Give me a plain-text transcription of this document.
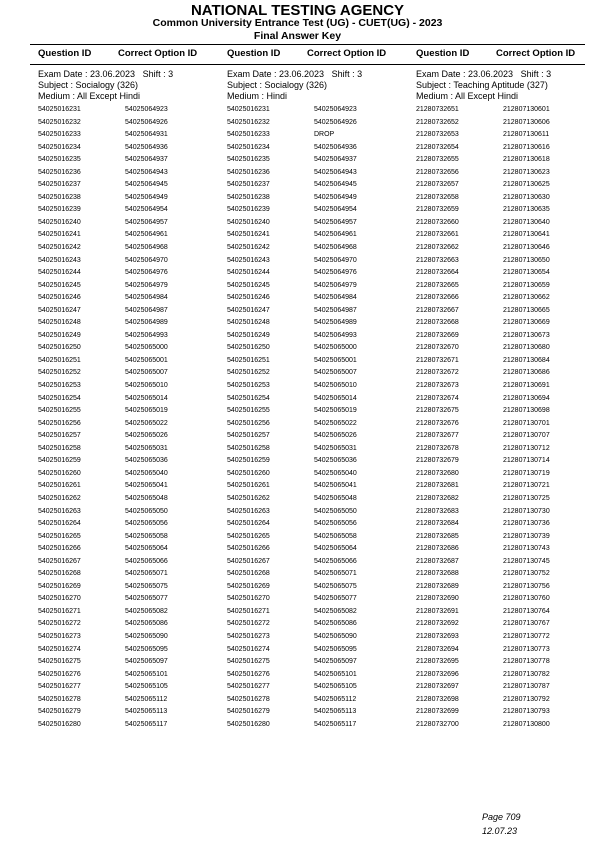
NATIONAL TESTING AGENCY
Common University Entrance Test (UG) - CUET(UG) - 2023
Final Answer Key
Question ID	Correct Option ID	Question ID	Correct Option ID	Question ID	Correct Option ID
Exam Date : 23.06.2023 Shift : 3
Subject : Socialogy (326)
Medium : All Except Hindi
54025016231	54025064923
54025016232	54025064926
54025016233	54025064931
54025016234	54025064936
54025016235	54025064937
54025016236	54025064943
54025016237	54025064945
54025016238	54025064949
54025016239	54025064954
54025016240	54025064957
54025016241	54025064961
54025016242	54025064968
54025016243	54025064970
54025016244	54025064976
54025016245	54025064979
54025016246	54025064984
54025016247	54025064987
54025016248	54025064989
54025016249	54025064993
54025016250	54025065000
54025016251	54025065001
54025016252	54025065007
54025016253	54025065010
54025016254	54025065014
54025016255	54025065019
54025016256	54025065022
54025016257	54025065026
54025016258	54025065031
54025016259	54025065036
54025016260	54025065040
54025016261	54025065041
54025016262	54025065048
54025016263	54025065050
54025016264	54025065056
54025016265	54025065058
54025016266	54025065064
54025016267	54025065066
54025016268	54025065071
54025016269	54025065075
54025016270	54025065077
54025016271	54025065082
54025016272	54025065086
54025016273	54025065090
54025016274	54025065095
54025016275	54025065097
54025016276	54025065101
54025016277	54025065105
54025016278	54025065112
54025016279	54025065113
54025016280	54025065117
Exam Date : 23.06.2023 Shift : 3
Subject : Socialogy (326)
Medium : Hindi
54025016231	54025064923
54025016232	54025064926
54025016233	DROP
54025016234	54025064936
54025016235	54025064937
54025016236	54025064943
54025016237	54025064945
54025016238	54025064949
54025016239	54025064954
54025016240	54025064957
54025016241	54025064961
54025016242	54025064968
54025016243	54025064970
54025016244	54025064976
54025016245	54025064979
54025016246	54025064984
54025016247	54025064987
54025016248	54025064989
54025016249	54025064993
54025016250	54025065000
54025016251	54025065001
54025016252	54025065007
54025016253	54025065010
54025016254	54025065014
54025016255	54025065019
54025016256	54025065022
54025016257	54025065026
54025016258	54025065031
54025016259	54025065036
54025016260	54025065040
54025016261	54025065041
54025016262	54025065048
54025016263	54025065050
54025016264	54025065056
54025016265	54025065058
54025016266	54025065064
54025016267	54025065066
54025016268	54025065071
54025016269	54025065075
54025016270	54025065077
54025016271	54025065082
54025016272	54025065086
54025016273	54025065090
54025016274	54025065095
54025016275	54025065097
54025016276	54025065101
54025016277	54025065105
54025016278	54025065112
54025016279	54025065113
54025016280	54025065117
Exam Date : 23.06.2023 Shift : 3
Subject : Teaching Aptitude (327)
Medium : All Except Hindi
21280732651	212807130601
21280732652	212807130606
21280732653	212807130611
21280732654	212807130616
21280732655	212807130618
21280732656	212807130623
21280732657	212807130625
21280732658	212807130630
21280732659	212807130635
21280732660	212807130640
21280732661	212807130641
21280732662	212807130646
21280732663	212807130650
21280732664	212807130654
21280732665	212807130659
21280732666	212807130662
21280732667	212807130665
21280732668	212807130669
21280732669	212807130673
21280732670	212807130680
21280732671	212807130684
21280732672	212807130686
21280732673	212807130691
21280732674	212807130694
21280732675	212807130698
21280732676	212807130701
21280732677	212807130707
21280732678	212807130712
21280732679	212807130714
21280732680	212807130719
21280732681	212807130721
21280732682	212807130725
21280732683	212807130730
21280732684	212807130736
21280732685	212807130739
21280732686	212807130743
21280732687	212807130745
21280732688	212807130752
21280732689	212807130756
21280732690	212807130760
21280732691	212807130764
21280732692	212807130767
21280732693	212807130772
21280732694	212807130773
21280732695	212807130778
21280732696	212807130782
21280732697	212807130787
21280732698	212807130792
21280732699	212807130793
21280732700	212807130800
Page 709
12.07.23
